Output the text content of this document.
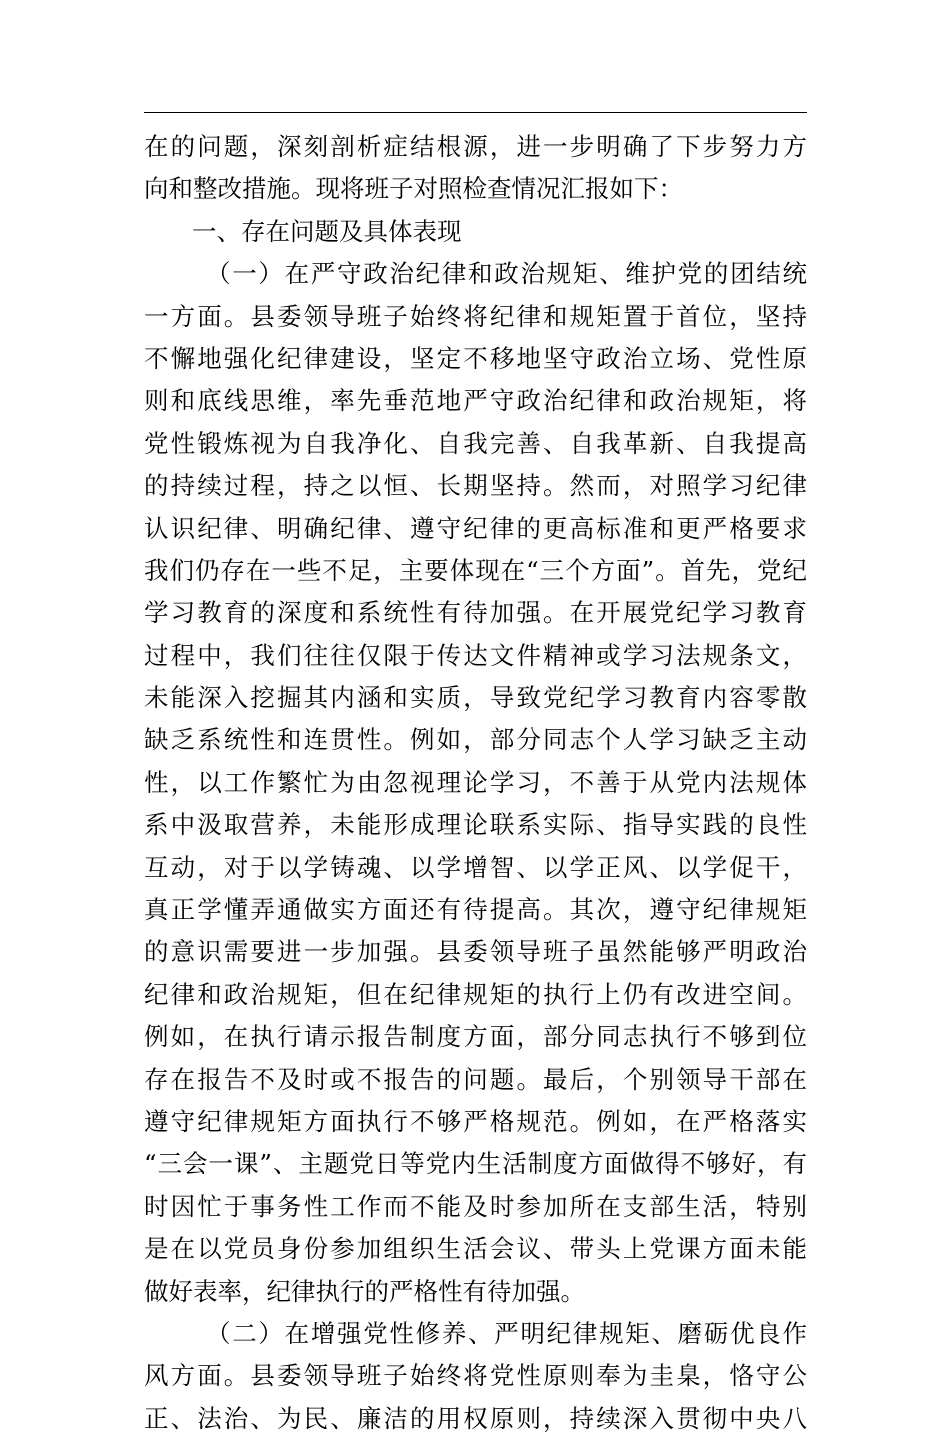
在的问题，深刻剖析症结根源，进一步明确了下步努力方
向和整改措施。现将班子对照检查情况汇报如下：
一、存在问题及具体表现
（一）在严守政治纪律和政治规矩、维护党的团结统
一方面。县委领导班子始终将纪律和规矩置于首位，坚持
不懈地强化纪律建设，坚定不移地坚守政治立场、党性原
则和底线思维，率先垂范地严守政治纪律和政治规矩，将
党性锻炼视为自我净化、自我完善、自我革新、自我提高
的持续过程，持之以恒、长期坚持。然而，对照学习纪律
认识纪律、明确纪律、遵守纪律的更高标准和更严格要求
我们仍存在一些不足，主要体现在“三个方面”。首先，党纪
学习教育的深度和系统性有待加强。在开展党纪学习教育
过程中，我们往往仅限于传达文件精神或学习法规条文，
未能深入挖掘其内涵和实质，导致党纪学习教育内容零散
缺乏系统性和连贯性。例如，部分同志个人学习缺乏主动
性，以工作繁忙为由忽视理论学习，不善于从党内法规体
系中汲取营养，未能形成理论联系实际、指导实践的良性
互动，对于以学铸魂、以学增智、以学正风、以学促干，
真正学懂弄通做实方面还有待提高。其次，遵守纪律规矩
的意识需要进一步加强。县委领导班子虽然能够严明政治
纪律和政治规矩，但在纪律规矩的执行上仍有改进空间。
例如，在执行请示报告制度方面，部分同志执行不够到位
存在报告不及时或不报告的问题。最后，个别领导干部在
遵守纪律规矩方面执行不够严格规范。例如，在严格落实
“三会一课”、主题党日等党内生活制度方面做得不够好，有
时因忙于事务性工作而不能及时参加所在支部生活，特别
是在以党员身份参加组织生活会议、带头上党课方面未能
做好表率，纪律执行的严格性有待加强。
（二）在增强党性修养、严明纪律规矩、磨砺优良作
风方面。县委领导班子始终将党性原则奉为圭臬，恪守公
正、法治、为民、廉洁的用权原则，持续深入贯彻中央八
